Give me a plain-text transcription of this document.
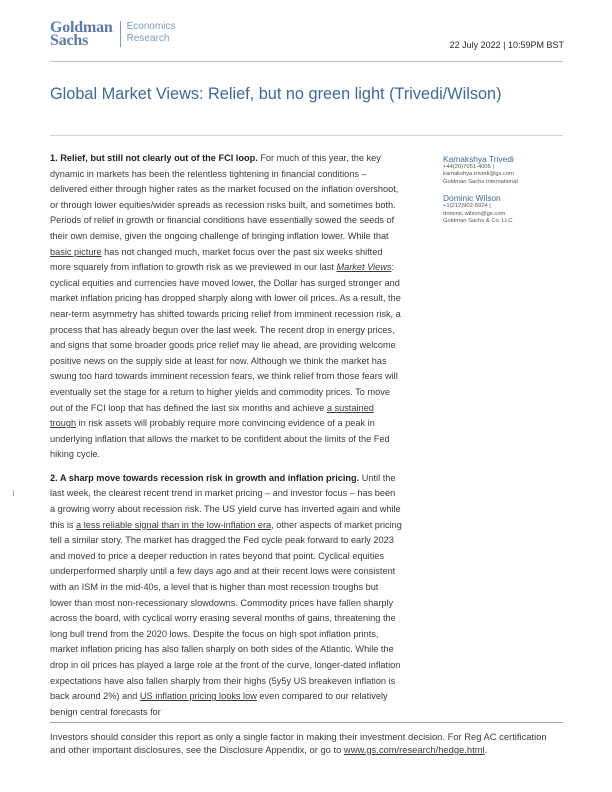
Goldman
Sachs
Economics
Research
22 July 2022 | 10:59PM BST
Global Market Views: Relief, but no green light (Trivedi/Wilson)

1. Relief, but still not clearly out of the FCI loop. For much of this year, the key dynamic in markets has been the relentless tightening in financial conditions – delivered either through higher rates as the market focused on the inflation overshoot, or through lower equities/wider spreads as recession risks built, and sometimes both. Periods of relief in growth or financial conditions have essentially sowed the seeds of their own demise, given the ongoing challenge of bringing inflation lower. While that basic picture has not changed much, market focus over the past six weeks shifted more squarely from inflation to growth risk as we previewed in our last Market Views: cyclical equities and currencies have moved lower, the Dollar has surged stronger and market inflation pricing has dropped sharply along with lower oil prices. As a result, the near-term asymmetry has shifted towards pricing relief from imminent recession risk, a process that has already begun over the last week. The recent drop in energy prices, and signs that some broader goods price relief may lie ahead, are providing welcome positive news on the supply side at least for now. Although we think the market has swung too hard towards imminent recession fears, we think relief from those fears will eventually set the stage for a return to higher yields and commodity prices. To move out of the FCI loop that has defined the last six months and achieve a sustained trough in risk assets will probably require more convincing evidence of a peak in underlying inflation that allows the market to be confident about the limits of the Fed hiking cycle.

2. A sharp move towards recession risk in growth and inflation pricing. Until the last week, the clearest recent trend in market pricing – and investor focus – has been a growing worry about recession risk. The US yield curve has inverted again and while this is a less reliable signal than in the low-inflation era, other aspects of market pricing tell a similar story. The market has dragged the Fed cycle peak forward to early 2023 and moved to price a deeper reduction in rates beyond that point. Cyclical equities underperformed sharply until a few days ago and at their recent lows were consistent with an ISM in the mid-40s, a level that is higher than most recession troughs but lower than most non-recessionary slowdowns. Commodity prices have fallen sharply across the board, with cyclical worry erasing several months of gains, threatening the long bull trend from the 2020 lows. Despite the focus on high spot inflation prints, market inflation pricing has also fallen sharply on both sides of the Atlantic. While the drop in oil prices has played a large role at the front of the curve, longer-dated inflation expectations have also fallen sharply from their highs (5y5y US breakeven inflation is back around 2%) and US inflation pricing looks low even compared to our relatively benign central forecasts for

Kamakshya Trivedi
+44(20)7051-4005 |
kamakshya.trivedi@gs.com
Goldman Sachs International
Dominic Wilson
+1(212)902-5924 |
dominic.wilson@gs.com
Goldman Sachs & Co. LLC

Investors should consider this report as only a single factor in making their investment decision. For Reg AC certification and other important disclosures, see the Disclosure Appendix, or go to www.gs.com/research/hedge.html.
